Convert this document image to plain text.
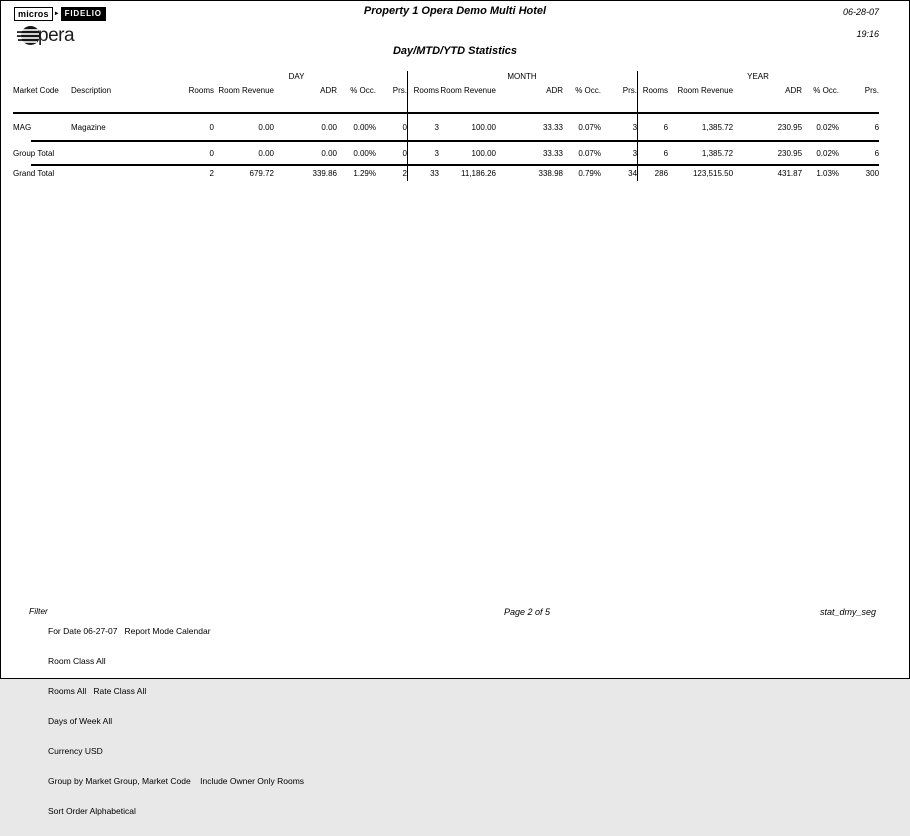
micros ► FIDELIO
pera
Property 1 Opera Demo Multi Hotel	06-28-07
19:16
Day/MTD/YTD Statistics
		DAY					MONTH					YEAR				
Market Code	Description	Rooms	Room Revenue	ADR	% Occ.	Prs.	Rooms	Room Revenue	ADR	% Occ.	Prs.	Rooms	Room Revenue	ADR	% Occ.	Prs.
MAG	Magazine	0	0.00	0.00	0.00%	0	3	100.00	33.33	0.07%	3	6	1,385.72	230.95	0.02%	6
Group Total		0	0.00	0.00	0.00%	0	3	100.00	33.33	0.07%	3	6	1,385.72	230.95	0.02%	6
Grand Total		2	679.72	339.86	1.29%	2	33	11,186.26	338.98	0.79%	34	286	123,515.50	431.87	1.03%	300
Filter

For Date 06-27-07   Report Mode Calendar

Room Class All

Rooms All   Rate Class All

Days of Week All

Currency USD

Group by Market Group, Market Code    Include Owner Only Rooms

Sort Order Alphabetical

Page 2 of 5	stat_dmy_seg
